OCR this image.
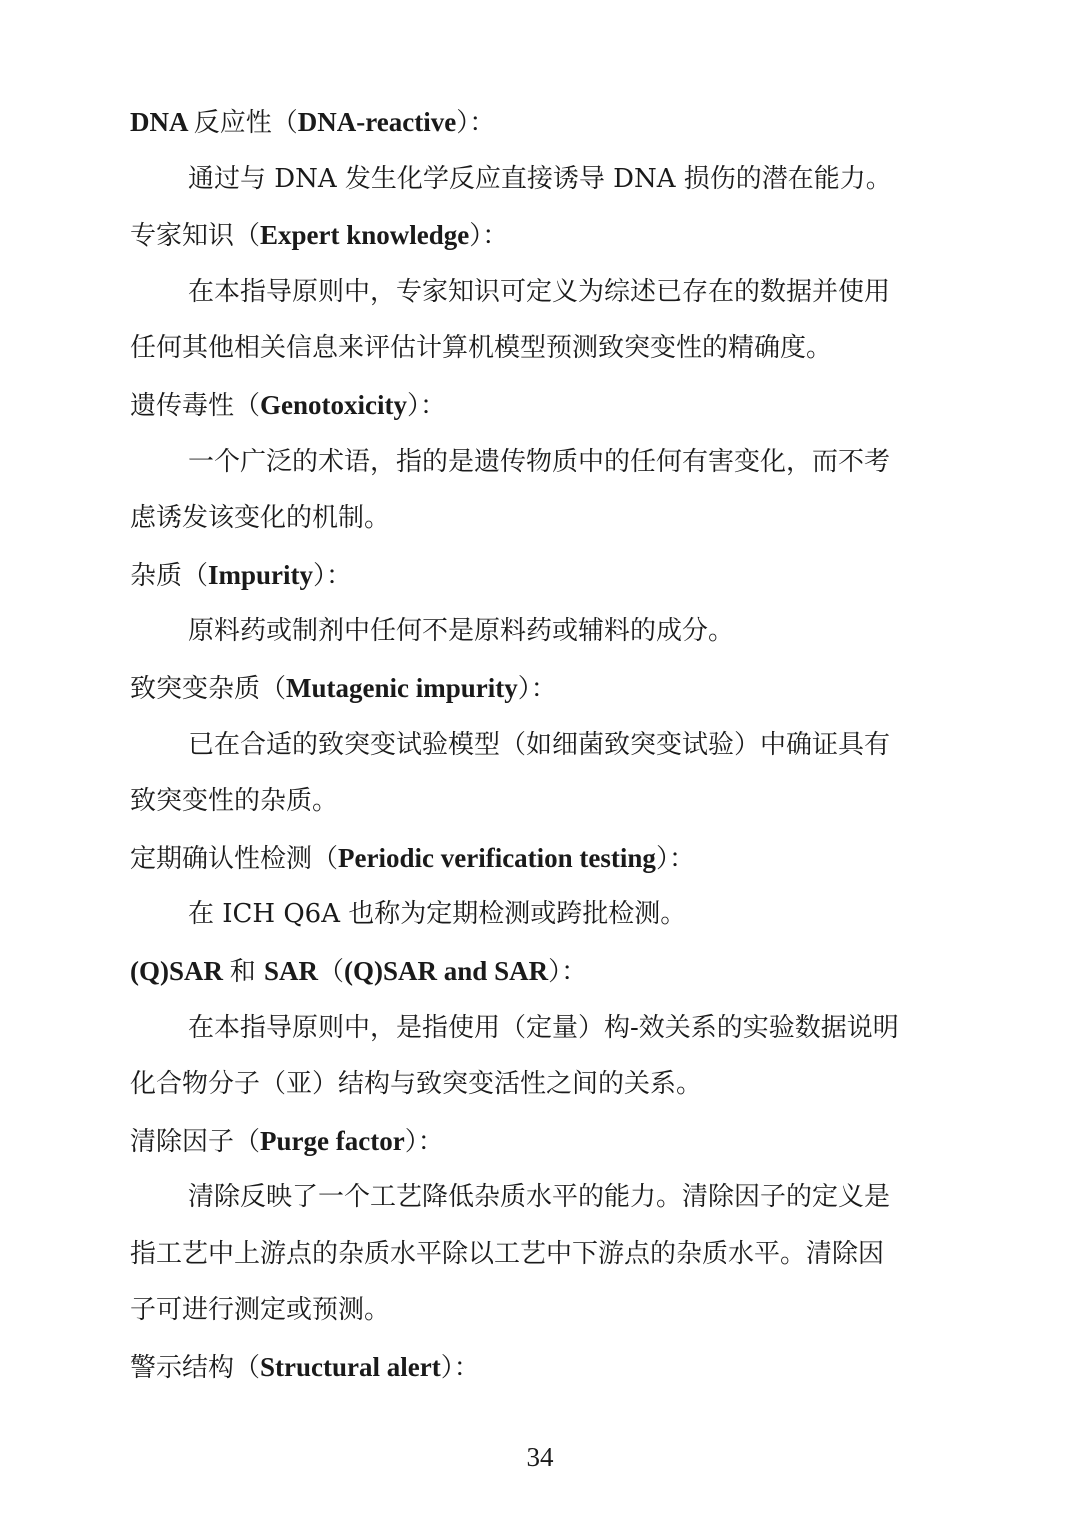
DNA 反应性（DNA-reactive）：
通过与 DNA 发生化学反应直接诱导 DNA 损伤的潜在能力。
专家知识（Expert knowledge）：
在本指导原则中，专家知识可定义为综述已存在的数据并使用
任何其他相关信息来评估计算机模型预测致突变性的精确度。
遗传毒性（Genotoxicity）：
一个广泛的术语，指的是遗传物质中的任何有害变化，而不考
虑诱发该变化的机制。
杂质（Impurity）：
原料药或制剂中任何不是原料药或辅料的成分。
致突变杂质（Mutagenic impurity）：
已在合适的致突变试验模型（如细菌致突变试验）中确证具有
致突变性的杂质。
定期确认性检测（Periodic verification testing）：
在 ICH Q6A 也称为定期检测或跨批检测。
(Q)SAR 和 SAR（(Q)SAR and SAR）：
在本指导原则中，是指使用（定量）构-效关系的实验数据说明
化合物分子（亚）结构与致突变活性之间的关系。
清除因子（Purge factor）：
清除反映了一个工艺降低杂质水平的能力。清除因子的定义是
指工艺中上游点的杂质水平除以工艺中下游点的杂质水平。清除因
子可进行测定或预测。
警示结构（Structural alert）：
34
